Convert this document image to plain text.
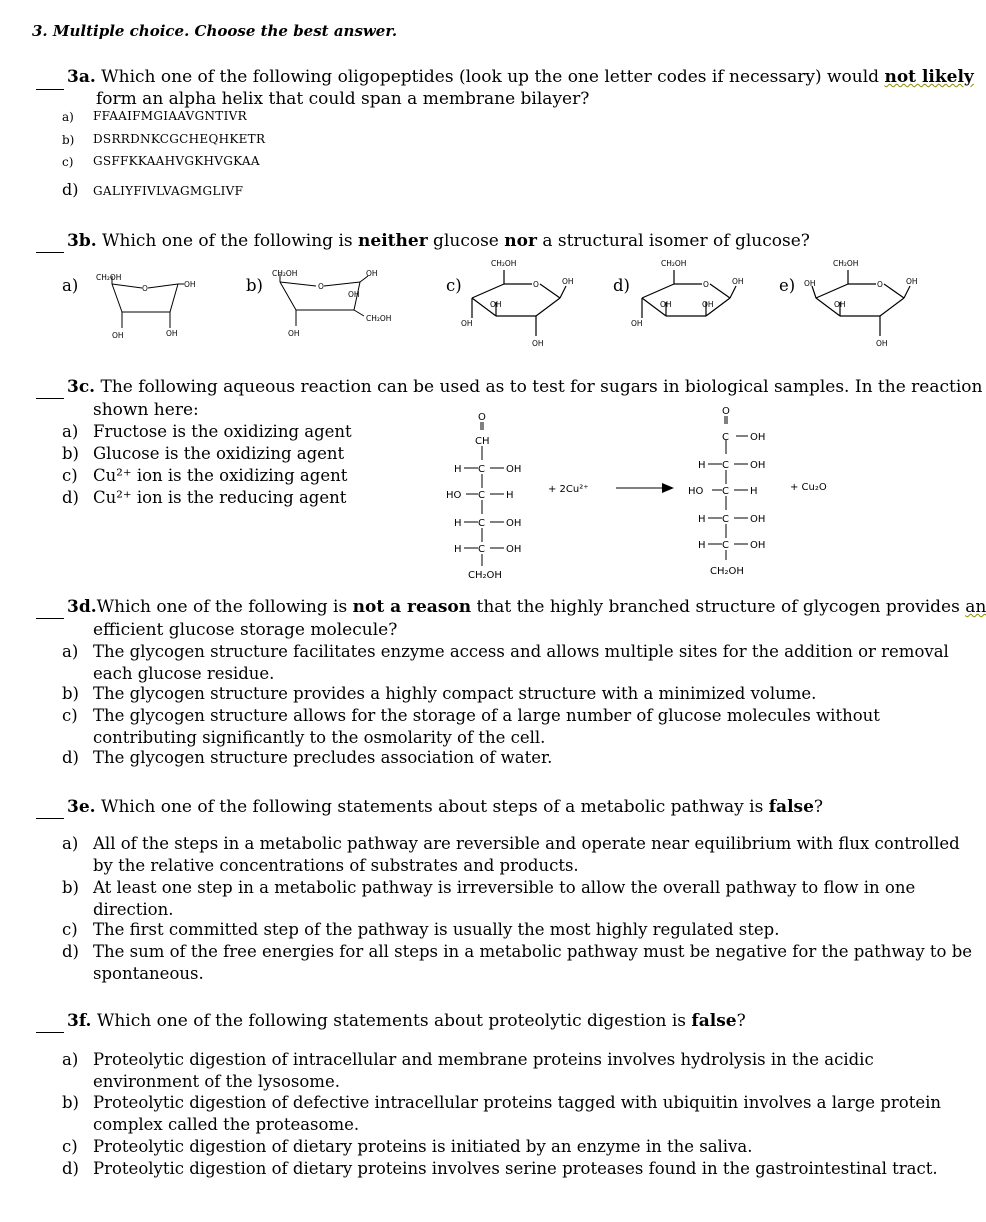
3. Multiple choice. Choose the best answer.
3a. Which one of the following oligopeptides (look up the one letter codes if necessary) would not likely
form an alpha helix that could span a membrane bilayer?
a) FFAAIFMGIAAVGNTIVR
b) DSRRDNKCGCHEQHKETR
c) GSFFKKAAHVGKHVGKAA
d) GALIYFIVLVAGMGLIVF
3b. Which one of the following is neither glucose nor a structural isomer of glucose?
a)	b)	c)	d)	e)
CH₂OH
O	OH
OH	OH
CH₂OH
O
OH
OH
CH₂OH
OH
CH₂OH
O	OH
OH
OH
OH
CH₂OH
O	OH
OH	OH
OH
CH₂OH
O	OH
OH
OH
OH
3c. The following aqueous reaction can be used as to test for sugars in biological samples. In the reaction
shown here:
a) Fructose is the oxidizing agent
b) Glucose is the oxidizing agent
c) Cu²⁺ ion is the oxidizing agent
d) Cu²⁺ ion is the reducing agent
O
CH
H C OH
HO C H
H C OH
H C OH
CH₂OH
+ 2Cu²⁺
O
C OH
H C OH
HO C H
H C OH
H C OH
CH₂OH
+ Cu₂O
3d.Which one of the following is not a reason that the highly branched structure of glycogen provides an
efficient glucose storage molecule?
a) The glycogen structure facilitates enzyme access and allows multiple sites for the addition or removal
each glucose residue.
b) The glycogen structure provides a highly compact structure with a minimized volume.
c) The glycogen structure allows for the storage of a large number of glucose molecules without
contributing significantly to the osmolarity of the cell.
d) The glycogen structure precludes association of water.
3e. Which one of the following statements about steps of a metabolic pathway is false?
a) All of the steps in a metabolic pathway are reversible and operate near equilibrium with flux controlled
by the relative concentrations of substrates and products.
b) At least one step in a metabolic pathway is irreversible to allow the overall pathway to flow in one
direction.
c) The first committed step of the pathway is usually the most highly regulated step.
d) The sum of the free energies for all steps in a metabolic pathway must be negative for the pathway to be
spontaneous.
3f. Which one of the following statements about proteolytic digestion is false?
a) Proteolytic digestion of intracellular and membrane proteins involves hydrolysis in the acidic
environment of the lysosome.
b) Proteolytic digestion of defective intracellular proteins tagged with ubiquitin involves a large protein
complex called the proteasome.
c) Proteolytic digestion of dietary proteins is initiated by an enzyme in the saliva.
d) Proteolytic digestion of dietary proteins involves serine proteases found in the gastrointestinal tract.
